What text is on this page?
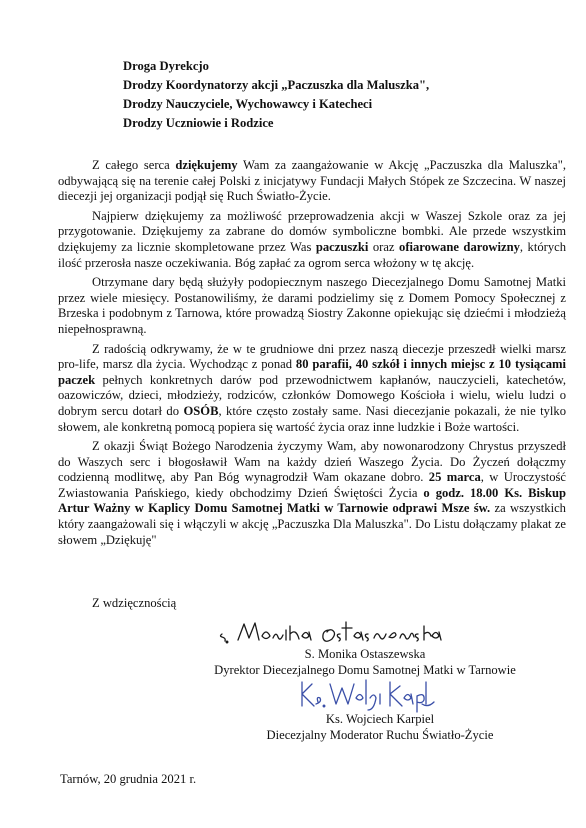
Droga Dyrekcjo
Drodzy Koordynatorzy akcji „Paczuszka dla Maluszka",
Drodzy Nauczyciele, Wychowawcy i Katecheci
Drodzy Uczniowie i Rodzice

Z całego serca dziękujemy Wam za zaangażowanie w Akcję „Paczuszka dla Maluszka", odbywającą się na terenie całej Polski z inicjatywy Fundacji Małych Stópek ze Szczecina. W naszej diecezji jej organizacji podjął się Ruch Światło-Życie.

Najpierw dziękujemy za możliwość przeprowadzenia akcji w Waszej Szkole oraz za jej przygotowanie. Dziękujemy za zabrane do domów symboliczne bombki. Ale przede wszystkim dziękujemy za licznie skompletowane przez Was paczuszki oraz ofiarowane darowizny, których ilość przerosła nasze oczekiwania. Bóg zapłać za ogrom serca włożony w tę akcję.

Otrzymane dary będą służyły podopiecznym naszego Diecezjalnego Domu Samotnej Matki przez wiele miesięcy. Postanowiliśmy, że darami podzielimy się z Domem Pomocy Społecznej z Brzeska i podobnym z Tarnowa, które prowadzą Siostry Zakonne opiekując się dziećmi i młodzieżą niepełnosprawną.

Z radością odkrywamy, że w te grudniowe dni przez naszą diecezje przeszedł wielki marsz pro-life, marsz dla życia. Wychodząc z ponad 80 parafii, 40 szkół i innych miejsc z 10 tysiącami paczek pełnych konkretnych darów pod przewodnictwem kapłanów, nauczycieli, katechetów, oazowiczów, dzieci, młodzieży, rodziców, członków Domowego Kościoła i wielu, wielu ludzi o dobrym sercu dotarł do OSÓB, które często zostały same. Nasi diecezjanie pokazali, że nie tylko słowem, ale konkretną pomocą popiera się wartość życia oraz inne ludzkie i Boże wartości.

Z okazji Świąt Bożego Narodzenia życzymy Wam, aby nowonarodzony Chrystus przyszedł do Waszych serc i błogosławił Wam na każdy dzień Waszego Życia. Do Życzeń dołączmy codzienną modlitwę, aby Pan Bóg wynagrodził Wam okazane dobro. 25 marca, w Uroczystość Zwiastowania Pańskiego, kiedy obchodzimy Dzień Świętości Życia o godz. 18.00 Ks. Biskup Artur Ważny w Kaplicy Domu Samotnej Matki w Tarnowie odprawi Msze św. za wszystkich który zaangażowali się i włączyli w akcję „Paczuszka Dla Maluszka". Do Listu dołączamy plakat ze słowem „Dziękuję"

Z wdzięcznością
S. Monika Ostaszewska
Dyrektor Diecezjalnego Domu Samotnej Matki w Tarnowie
Ks. Wojciech Karpiel
Diecezjalny Moderator Ruchu Światło-Życie
Tarnów, 20 grudnia 2021 r.
